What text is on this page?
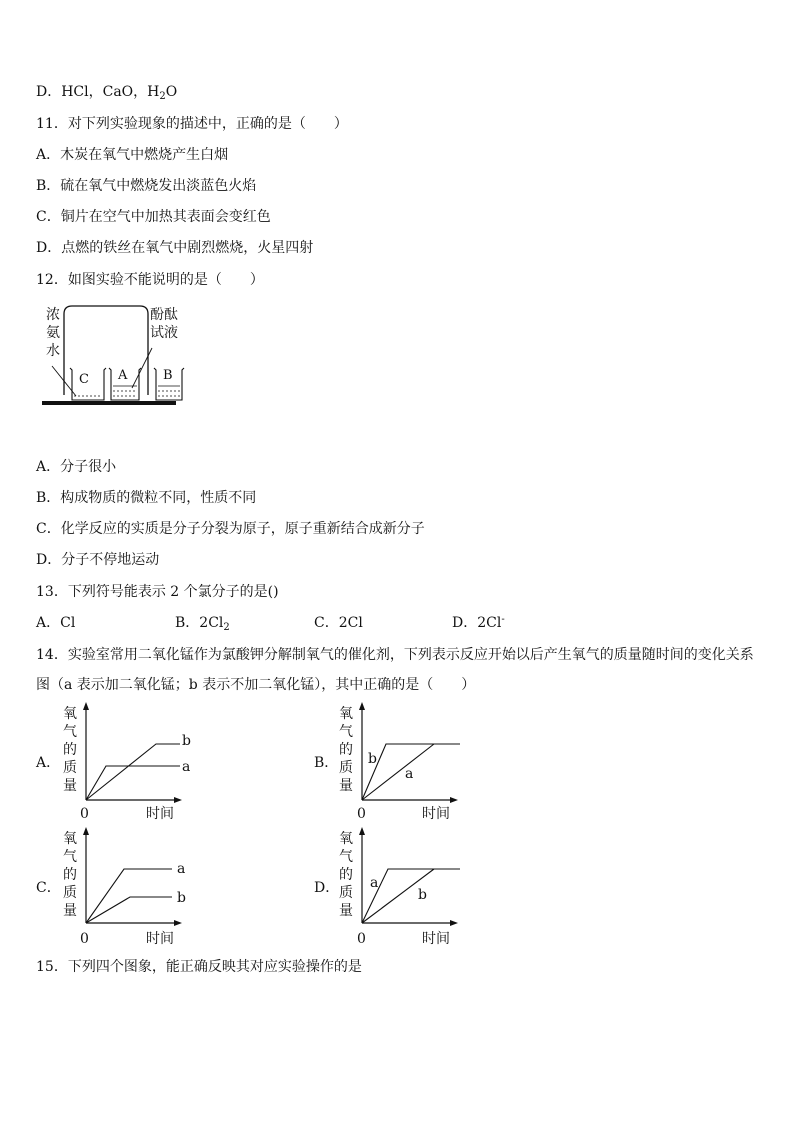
D．HCl，CaO，$H_2O$
11．对下列实验现象的描述中，正确的是（　　）
A．木炭在氧气中燃烧产生白烟
B．硫在氧气中燃烧发出淡蓝色火焰
C．铜片在空气中加热其表面会变红色
D．点燃的铁丝在氧气中剧烈燃烧，火星四射
12．如图实验不能说明的是（　　）
浓
氨
水
酚酞
试液
C A	B
A．分子很小
B．构成物质的微粒不同，性质不同
C．化学反应的实质是分子分裂为原子，原子重新结合成新分子
D．分子不停地运动
13．下列符号能表示 2 个氯分子的是()
A．Cl	B．$2Cl_2$	C．2Cl	D．2Cl-
14．实验室常用二氧化锰作为氯酸钾分解制氧气的催化剂，下列表示反应开始以后产生氧气的质量随时间的变化关系图（a 表示加二氧化锰；b 表示不加二氧化锰），其中正确的是（　　）
A．
氧
气
的
质
量
b
a
0	时间
B．
氧
气
的
质
量
b
a
0	时间
C．
氧
气
的
质
量
a
b
0	时间
D．
氧
气
的
质
量
a
b
0	时间
15．下列四个图象，能正确反映其对应实验操作的是
